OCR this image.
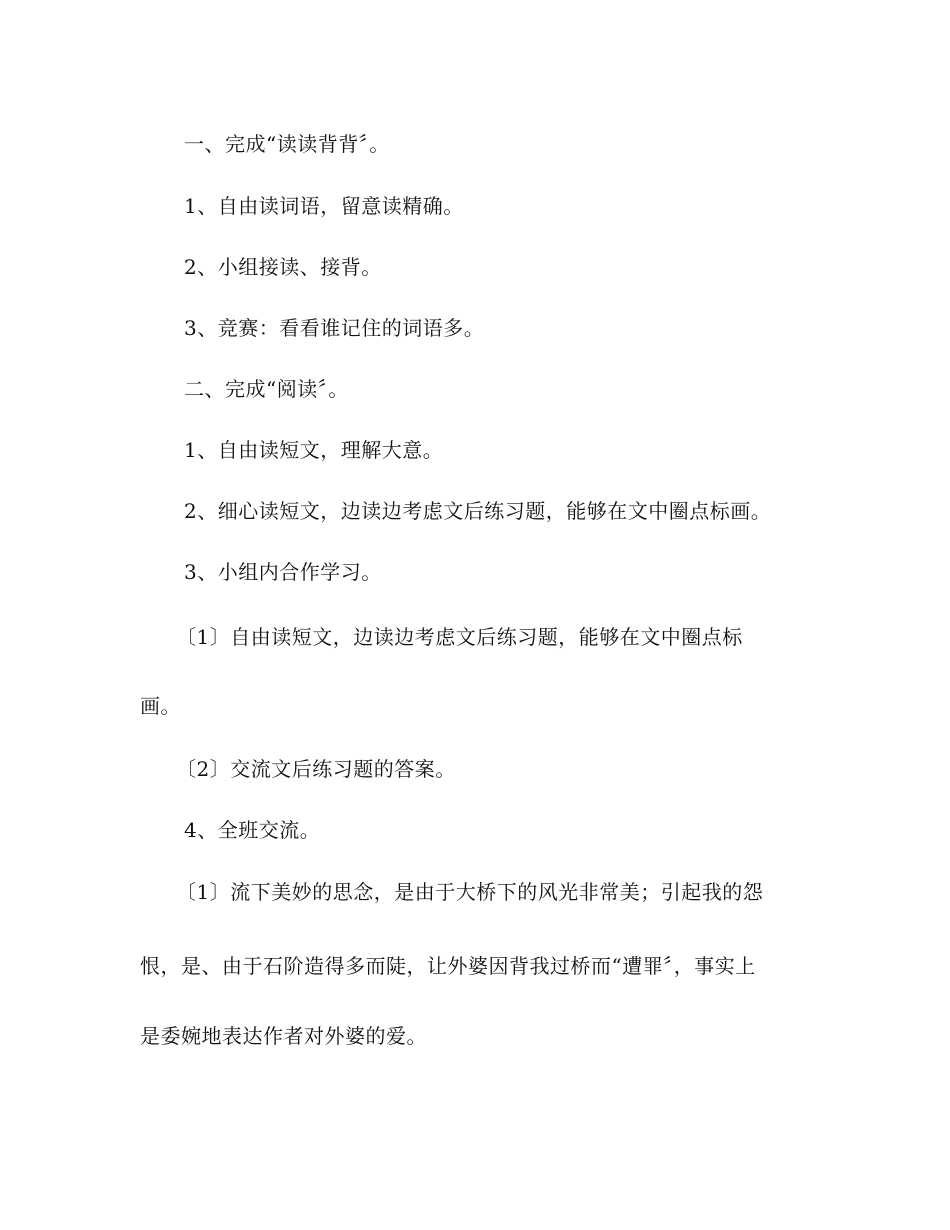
一、完成“读读背背〞。
1、自由读词语，留意读精确。
2、小组接读、接背。
3、竞赛：看看谁记住的词语多。
二、完成“阅读〞。
1、自由读短文，理解大意。
2、细心读短文，边读边考虑文后练习题，能够在文中圈点标画。
3、小组内合作学习。
〔1〕自由读短文，边读边考虑文后练习题，能够在文中圈点标
画。
〔2〕交流文后练习题的答案。
4、全班交流。
〔1〕流下美妙的思念，是由于大桥下的风光非常美；引起我的怨
恨，是、由于石阶造得多而陡，让外婆因背我过桥而“遭罪〞，事实上
是委婉地表达作者对外婆的爱。
